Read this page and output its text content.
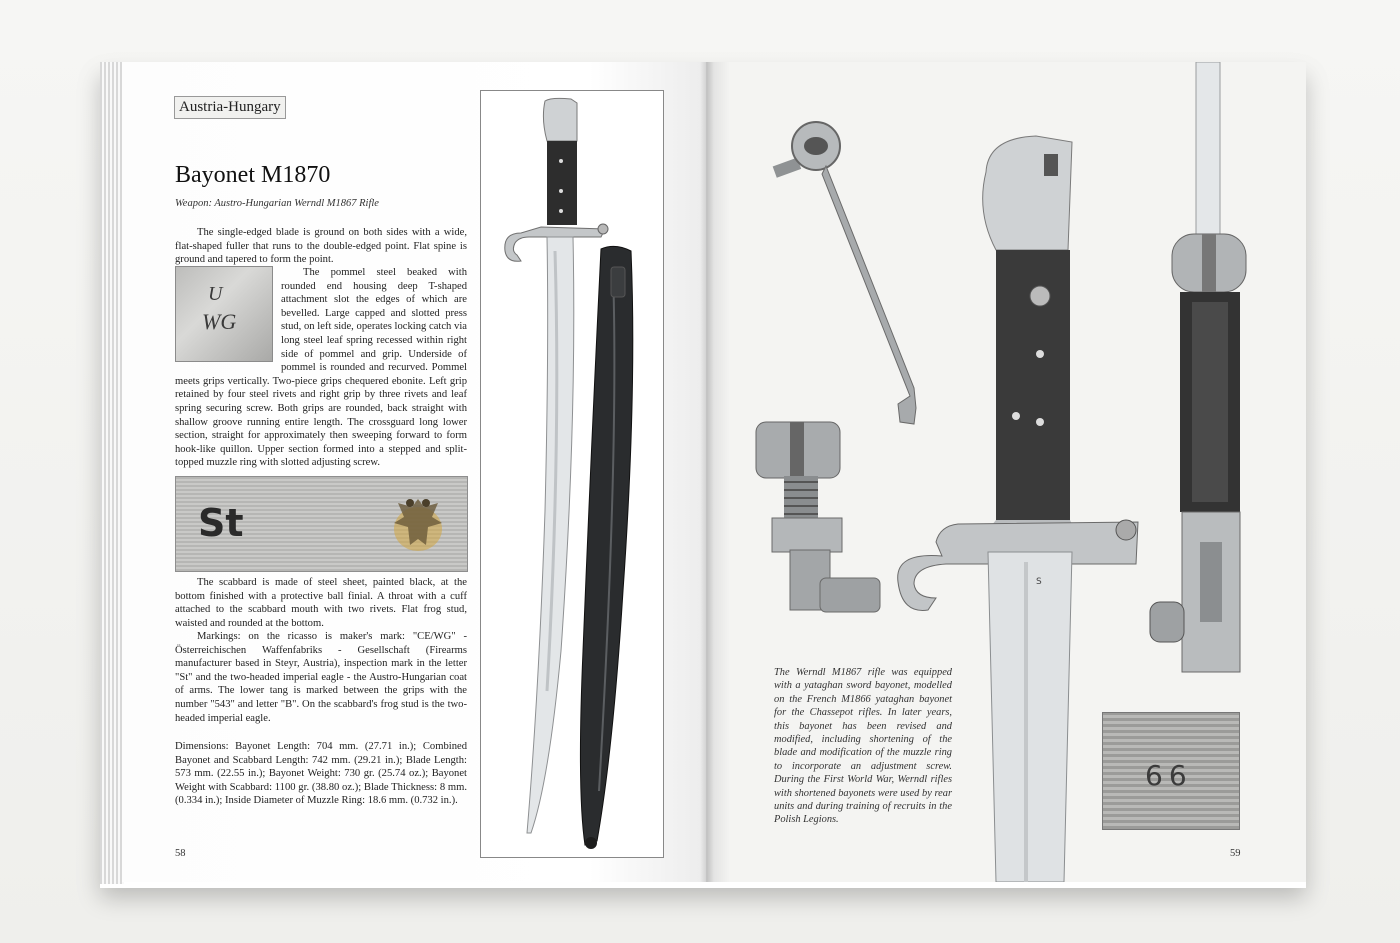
Austria-Hungary
Bayonet M1870
Weapon: Austro-Hungarian Werndl M1867 Rifle

The single-edged blade is ground on both sides with a wide, flat-shaped fuller that runs to the double-edged point. Flat spine is ground and tapered to form the point.

U
WG

The pommel steel beaked with rounded end housing deep T-shaped attachment slot the edges of which are bevelled. Large capped and slotted press stud, on left side, operates locking catch via long steel leaf spring recessed within right side of pommel and grip. Underside of pommel is rounded and recurved. Pommel meets grips vertically. Two-piece grips chequered ebonite. Left grip retained by four steel rivets and right grip by three rivets and leaf spring securing screw. Both grips are rounded, back straight with shallow groove running entire length. The crossguard long lower section, straight for approximately then sweeping forward to form hook-like quillon. Upper section formed into a stepped and split-topped muzzle ring with slotted adjusting screw.

St

The scabbard is made of steel sheet, painted black, at the bottom finished with a protective ball finial. A throat with a cuff attached to the scabbard mouth with two rivets. Flat frog stud, waisted and rounded at the bottom.

Markings: on the ricasso is maker's mark: "CE/WG" - Österreichischen Waffenfabriks - Gesellschaft (Firearms manufacturer based in Steyr, Austria), inspection mark in the letter "St" and the two-headed imperial eagle - the Austro-Hungarian coat of arms. The lower tang is marked between the grips with the number "543" and letter "B". On the scabbard's frog stud is the two-headed imperial eagle.

Dimensions: Bayonet Length: 704 mm. (27.71 in.); Combined Bayonet and Scabbard Length: 742 mm. (29.21 in.); Blade Length: 573 mm. (22.55 in.); Bayonet Weight: 730 gr. (25.74 oz.); Bayonet Weight with Scabbard: 1100 gr. (38.80 oz.); Blade Thickness: 8 mm. (0.334 in.); Inside Diameter of Muzzle Ring: 18.6 mm. (0.732 in.).

58
S

The Werndl M1867 rifle was equipped with a yataghan sword bayonet, modelled on the French M1866 yataghan bayonet for the Chassepot rifles. In later years, this bayonet has been revised and modified, including shortening of the blade and modification of the muzzle ring to incorporate an adjustment screw. During the First World War, Werndl rifles with shortened bayonets were used by rear units and during training of recruits in the Polish Legions.

66
59
